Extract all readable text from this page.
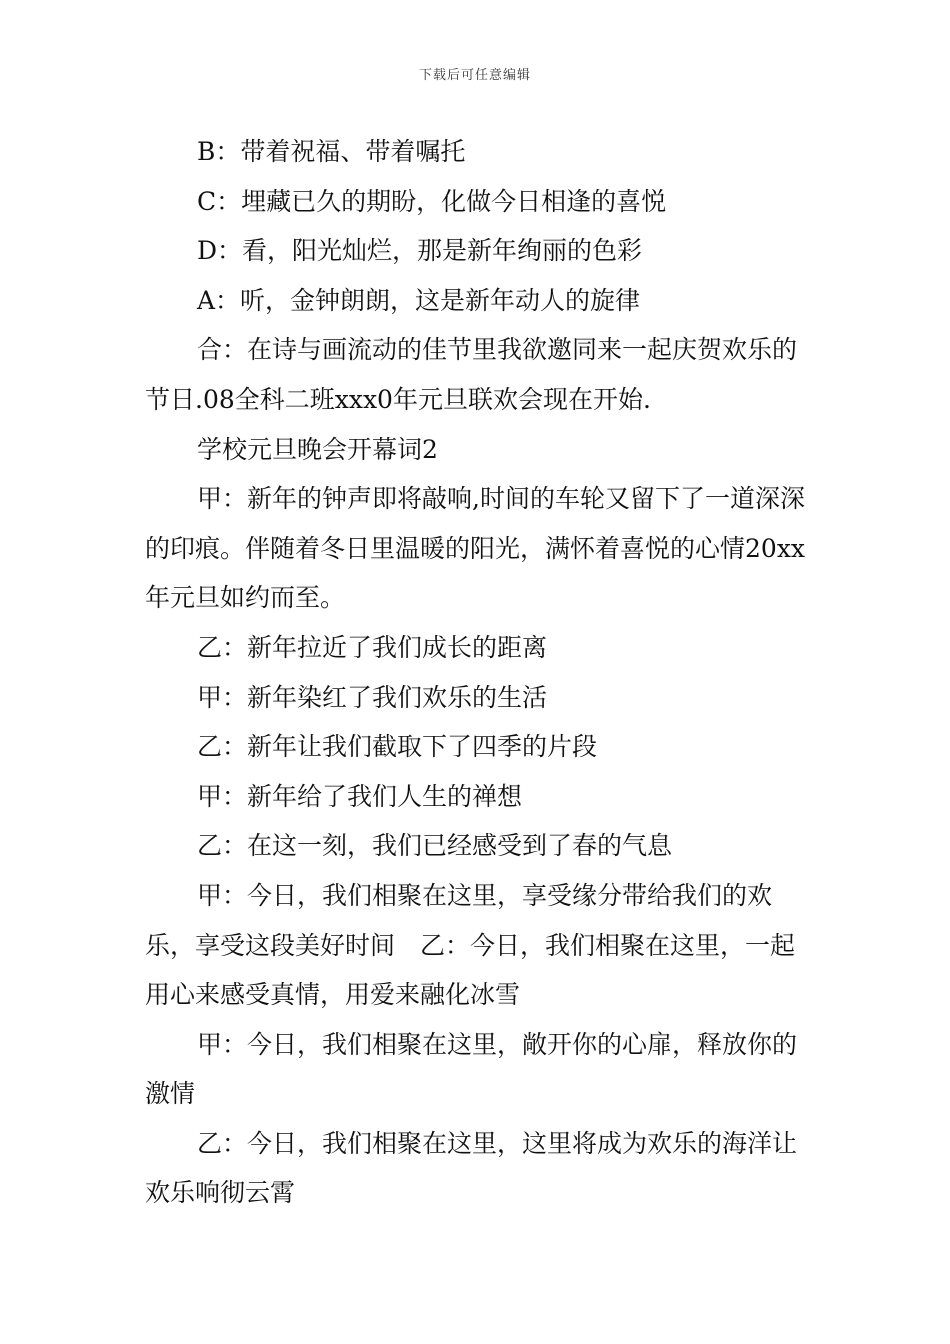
下载后可任意编辑

B：带着祝福、带着嘱托

C：埋藏已久的期盼，化做今日相逢的喜悦

D：看，阳光灿烂，那是新年绚丽的色彩

A：听，金钟朗朗，这是新年动人的旋律

合：在诗与画流动的佳节里我欲邀同来一起庆贺欢乐的节日.08全科二班xxx0年元旦联欢会现在开始.

学校元旦晚会开幕词2

甲：新年的钟声即将敲响,时间的车轮又留下了一道深深的印痕。伴随着冬日里温暖的阳光，满怀着喜悦的心情20xx年元旦如约而至。

乙：新年拉近了我们成长的距离

甲：新年染红了我们欢乐的生活

乙：新年让我们截取下了四季的片段

甲：新年给了我们人生的禅想

乙：在这一刻，我们已经感受到了春的气息

甲：今日，我们相聚在这里，享受缘分带给我们的欢乐，享受这段美好时间　乙：今日，我们相聚在这里，一起用心来感受真情，用爱来融化冰雪

甲：今日，我们相聚在这里，敞开你的心扉，释放你的激情

乙：今日，我们相聚在这里，这里将成为欢乐的海洋让欢乐响彻云霄
